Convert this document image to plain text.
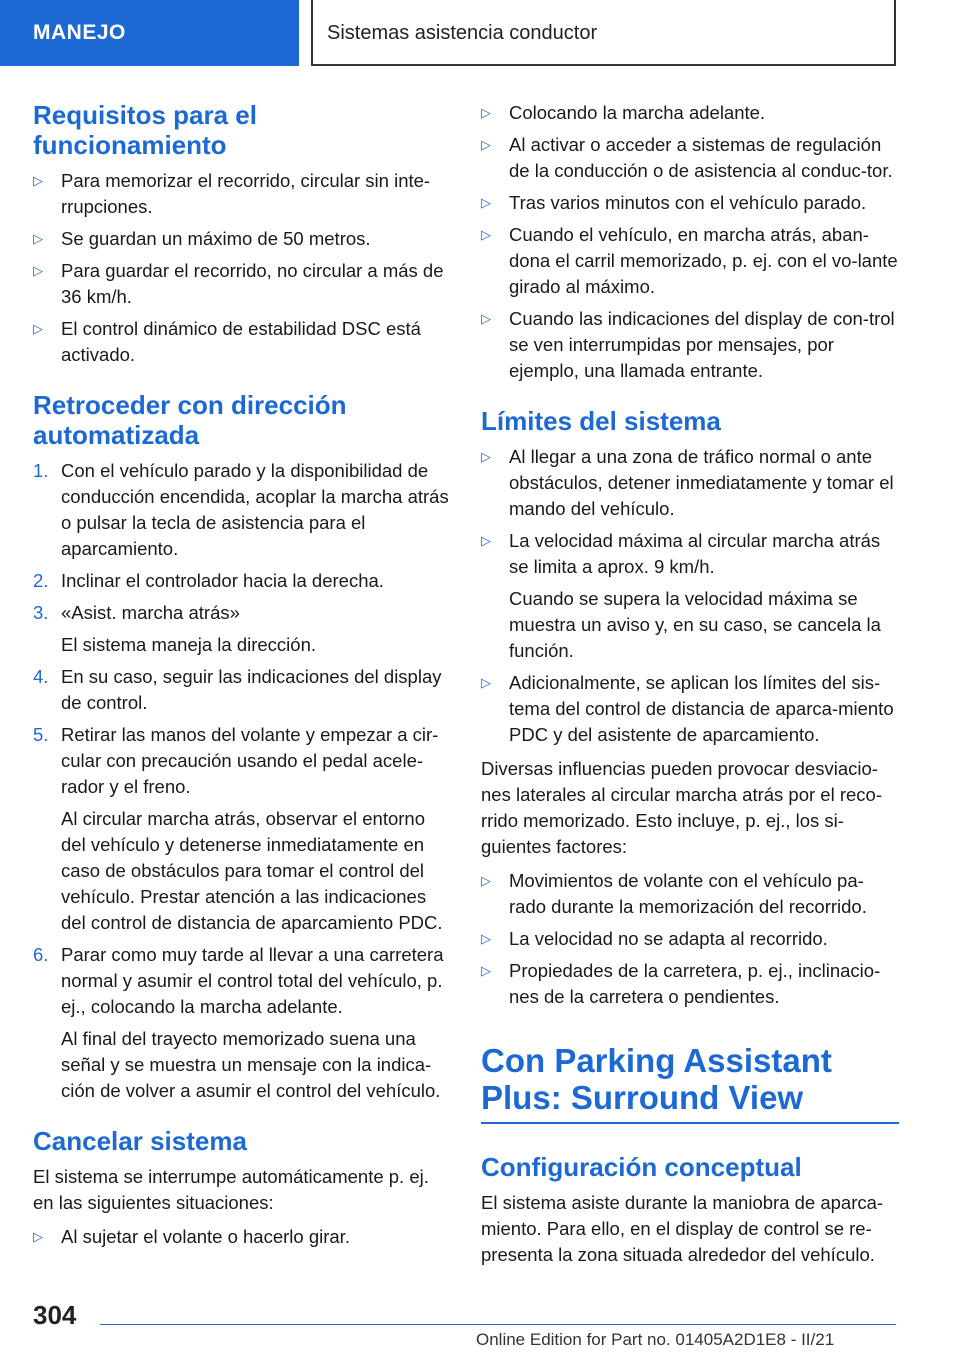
MANEJO	Sistemas asistencia conductor
Requisitos para el funcionamiento
▷ Para memorizar el recorrido, circular sin inte‐rrupciones.
▷ Se guardan un máximo de 50 metros.
▷ Para guardar el recorrido, no circular a más de 36 km/h.
▷ El control dinámico de estabilidad DSC está activado.
Retroceder con dirección automatizada
1. Con el vehículo parado y la disponibilidad de conducción encendida, acoplar la marcha atrás o pulsar la tecla de asistencia para el aparcamiento.
2. Inclinar el controlador hacia la derecha.
3. «Asist. marcha atrás»
El sistema maneja la dirección.
4. En su caso, seguir las indicaciones del display de control.
5. Retirar las manos del volante y empezar a cir‐cular con precaución usando el pedal acele‐rador y el freno.
Al circular marcha atrás, observar el entorno del vehículo y detenerse inmediatamente en caso de obstáculos para tomar el control del vehículo. Prestar atención a las indicaciones del control de distancia de aparcamiento PDC.
6. Parar como muy tarde al llevar a una carretera normal y asumir el control total del vehículo, p. ej., colocando la marcha adelante.
Al final del trayecto memorizado suena una señal y se muestra un mensaje con la indica‐ción de volver a asumir el control del vehículo.
Cancelar sistema

El sistema se interrumpe automáticamente p. ej. en las siguientes situaciones:

▷ Al sujetar el volante o hacerlo girar.
▷ Colocando la marcha adelante.
▷ Al activar o acceder a sistemas de regulación de la conducción o de asistencia al conduc‐tor.
▷ Tras varios minutos con el vehículo parado.
▷ Cuando el vehículo, en marcha atrás, aban‐dona el carril memorizado, p. ej. con el vo‐lante girado al máximo.
▷ Cuando las indicaciones del display de con‐trol se ven interrumpidas por mensajes, por ejemplo, una llamada entrante.
Límites del sistema
▷ Al llegar a una zona de tráfico normal o ante obstáculos, detener inmediatamente y tomar el mando del vehículo.
▷ La velocidad máxima al circular marcha atrás se limita a aprox. 9 km/h.
Cuando se supera la velocidad máxima se muestra un aviso y, en su caso, se cancela la función.
▷ Adicionalmente, se aplican los límites del sis‐tema del control de distancia de aparca‐miento PDC y del asistente de aparcamiento.

Diversas influencias pueden provocar desviacio‐nes laterales al circular marcha atrás por el reco‐rrido memorizado. Esto incluye, p. ej., los si‐guientes factores:

▷ Movimientos de volante con el vehículo pa‐rado durante la memorización del recorrido.
▷ La velocidad no se adapta al recorrido.
▷ Propiedades de la carretera, p. ej., inclinacio‐nes de la carretera o pendientes.
Con Parking Assistant Plus: Surround View
Configuración conceptual

El sistema asiste durante la maniobra de aparca‐miento. Para ello, en el display de control se re‐presenta la zona situada alrededor del vehículo.

304
Online Edition for Part no. 01405A2D1E8 - II/21
